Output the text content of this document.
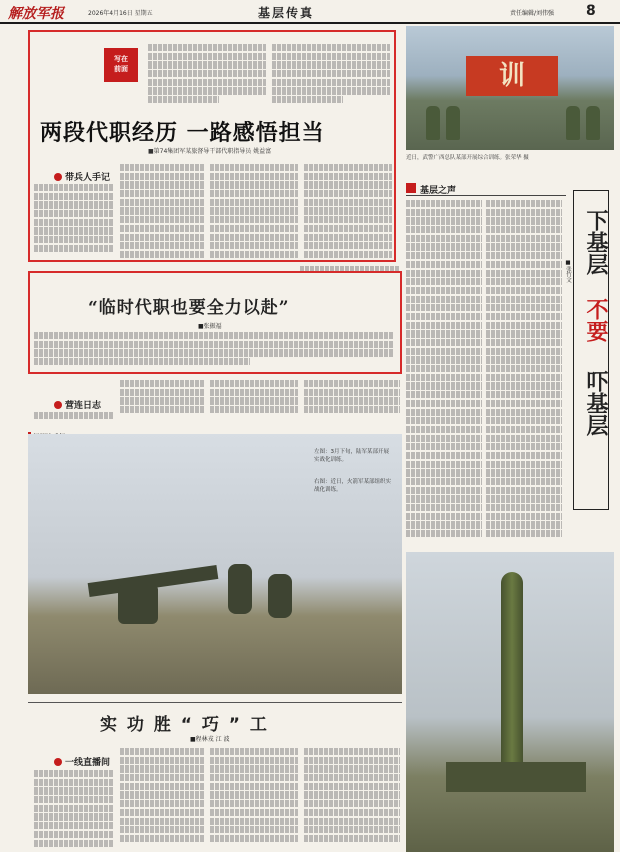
解放军报	2026年4月16日 星期五	基层传真	责任编辑/刘伟强 8
写在
前面
两段代职经历 一路感悟担当
■第74集团军某旅督导干部代职指导员 姚益富
带兵人手记
“临时代职也要全力以赴”
■张振福
营连日志
左图：3月下旬，陆军某部开展实战化训练。
右图：近日，火箭军某部组织实战化训练。
实 功 胜 “ 巧 ” 工
■程林戎 江 波
一线直播间
训
近日，武警广西总队某部开展综合训练。张荣华 摄
基层之声
下基层
不要
吓基层
■张竹文
